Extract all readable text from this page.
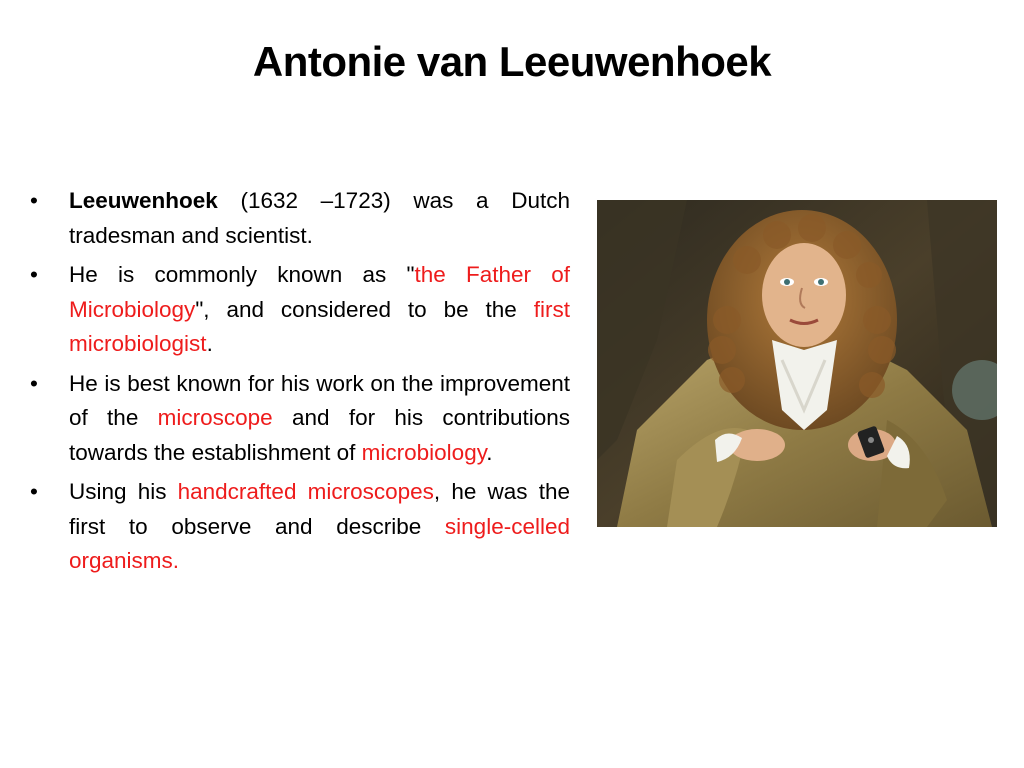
Antonie van Leeuwenhoek
• Leeuwenhoek (1632 –1723) was a Dutch tradesman and scientist.
• He is commonly known as "the Father of Microbiology", and considered to be the first microbiologist.
• He is best known for his work on the improvement of the microscope and for his contributions towards the establishment of microbiology.
• Using his handcrafted microscopes, he was the first to observe and describe single-celled organisms.
